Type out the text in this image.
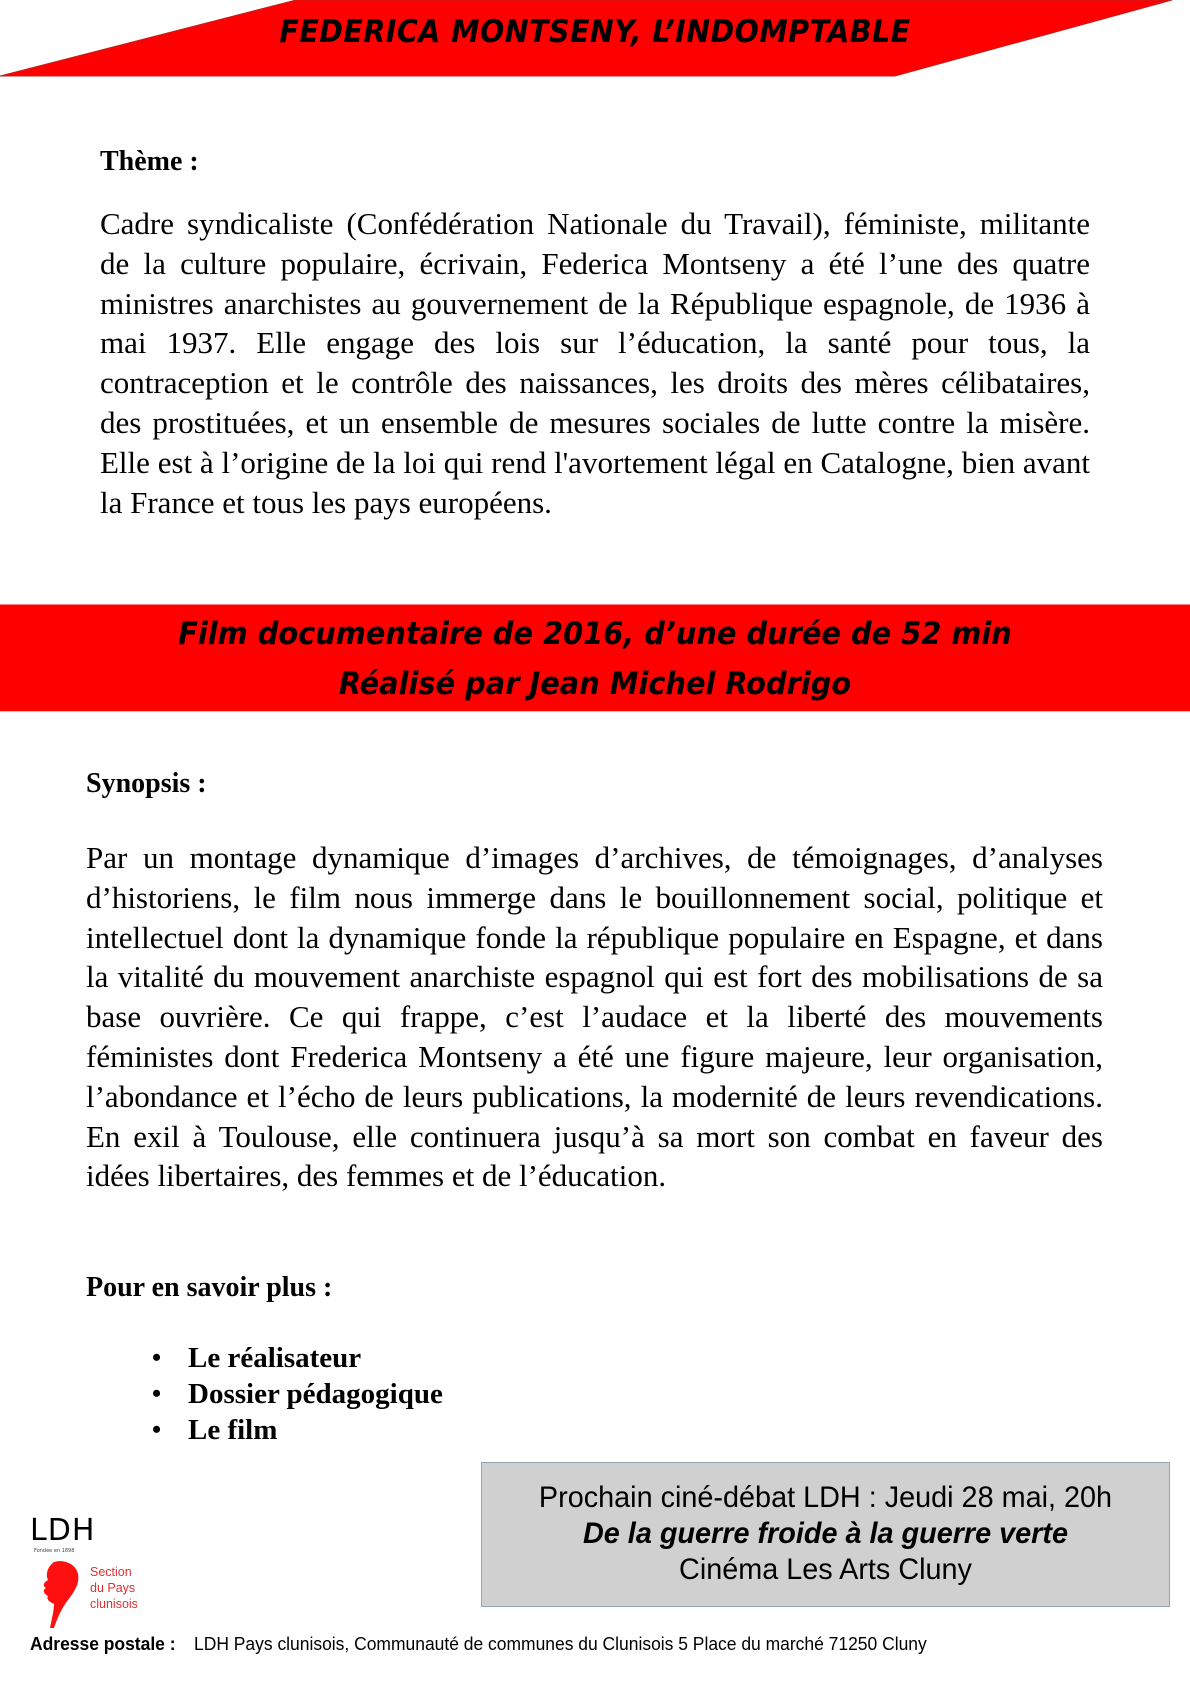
FEDERICA MONTSENY, L’INDOMPTABLE
Thème :
Cadre syndicaliste (Confédération Nationale du Travail), féministe, militante de la culture populaire, écrivain, Federica Montseny a été l’une des quatre ministres anarchistes au gouvernement de la République espagnole, de 1936 à mai 1937. Elle engage des lois sur l’éducation, la santé pour tous, la contraception et le contrôle des naissances, les droits des mères célibataires, des prostituées, et un ensemble de mesures sociales de lutte contre la misère. Elle est à l’origine de la loi qui rend l'avortement légal en Catalogne, bien avant la France et tous les pays européens.
Film documentaire de 2016, d’une durée de 52 min
Réalisé par Jean Michel Rodrigo
Synopsis :
Par un montage dynamique d’images d’archives, de témoignages, d’analyses d’historiens, le film nous immerge dans le bouillonnement social, politique et intellectuel dont la dynamique fonde la république populaire en Espagne, et dans la vitalité du mouvement anarchiste espagnol qui est fort des mobilisations de sa base ouvrière. Ce qui frappe, c’est l’audace et la liberté des mouvements féministes dont Frederica Montseny a été une figure majeure, leur organisation, l’abondance et l’écho de leurs publications, la modernité de leurs revendications. En exil à Toulouse, elle continuera jusqu’à sa mort son combat en faveur des idées libertaires, des femmes et de l’éducation.
Pour en savoir plus :
• Le réalisateur
• Dossier pédagogique
• Le film
Prochain ciné-débat LDH : Jeudi 28 mai, 20h
De la guerre froide à la guerre verte
Cinéma Les Arts Cluny
LDH
Fondée en 1898
Section
du Pays
clunisois
Adresse postale : LDH Pays clunisois, Communauté de communes du Clunisois 5 Place du marché 71250 Cluny
